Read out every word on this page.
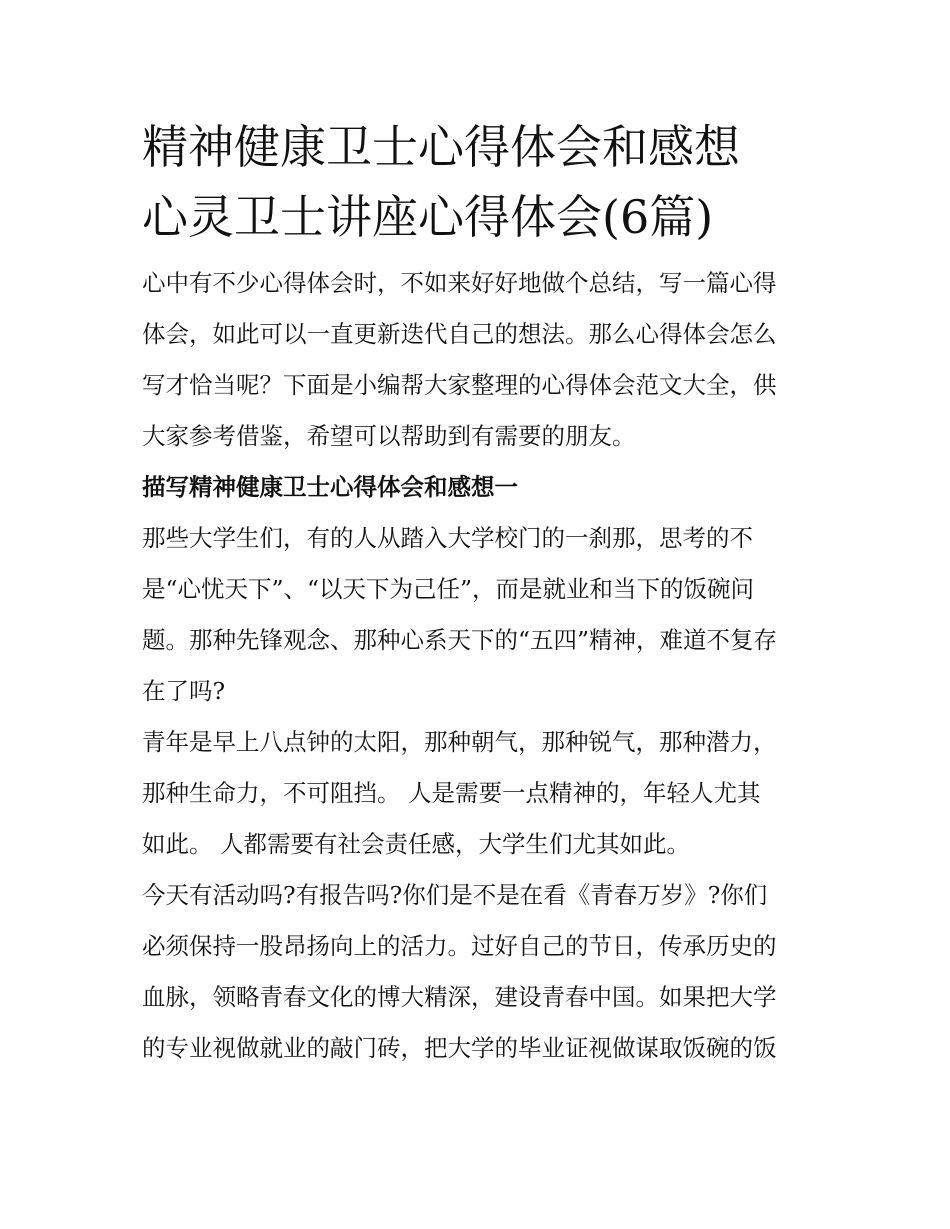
精神健康卫士心得体会和感想
心灵卫士讲座心得体会(6篇)

心中有不少心得体会时，不如来好好地做个总结，写一篇心得
体会，如此可以一直更新迭代自己的想法。那么心得体会怎么
写才恰当呢？下面是小编帮大家整理的心得体会范文大全，供
大家参考借鉴，希望可以帮助到有需要的朋友。

描写精神健康卫士心得体会和感想一

那些大学生们，有的人从踏入大学校门的一刹那，思考的不
是“心忧天下”、“以天下为己任”，而是就业和当下的饭碗问
题。那种先锋观念、那种心系天下的“五四”精神，难道不复存
在了吗?

青年是早上八点钟的太阳，那种朝气，那种锐气，那种潜力，
那种生命力，不可阻挡。 人是需要一点精神的，年轻人尤其
如此。 人都需要有社会责任感，大学生们尤其如此。

今天有活动吗?有报告吗?你们是不是在看《青春万岁》?你们
必须保持一股昂扬向上的活力。过好自己的节日，传承历史的
血脉，领略青春文化的博大精深，建设青春中国。如果把大学
的专业视做就业的敲门砖，把大学的毕业证视做谋取饭碗的饭
